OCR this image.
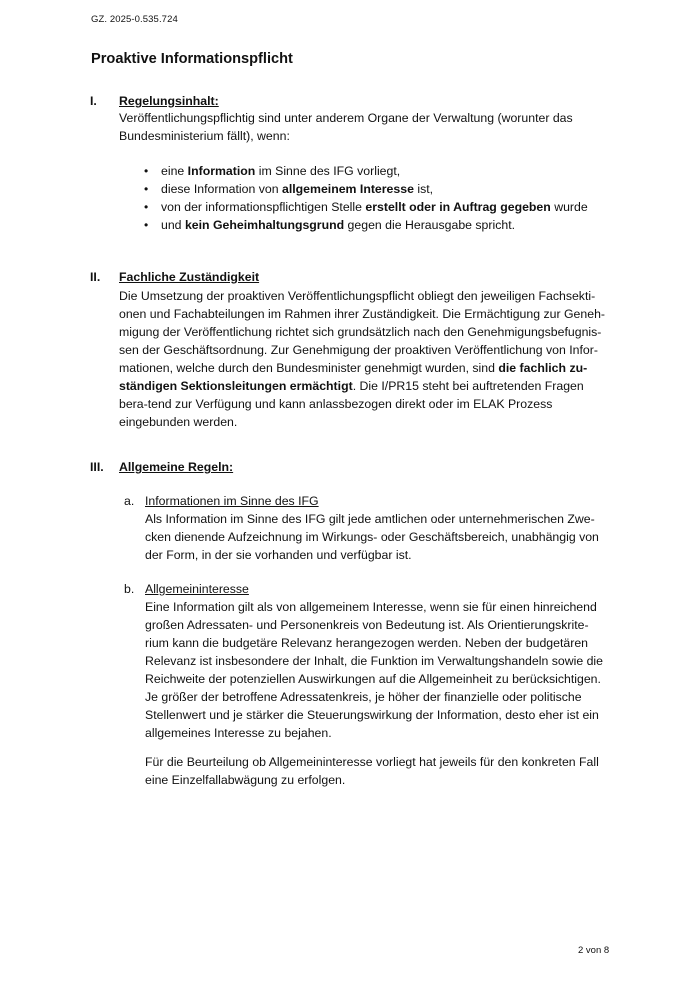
GZ. 2025-0.535.724
Proaktive Informationspflicht
I. Regelungsinhalt:

Veröffentlichungspflichtig sind unter anderem Organe der Verwaltung (worunter das Bundesministerium fällt), wenn:

• eine Information im Sinne des IFG vorliegt,
• diese Information von allgemeinem Interesse ist,
• von der informationspflichtigen Stelle erstellt oder in Auftrag gegeben wurde
• und kein Geheimhaltungsgrund gegen die Herausgabe spricht.
II. Fachliche Zuständigkeit

Die Umsetzung der proaktiven Veröffentlichungspflicht obliegt den jeweiligen Fachsekti-onen und Fachabteilungen im Rahmen ihrer Zuständigkeit. Die Ermächtigung zur Geneh-migung der Veröffentlichung richtet sich grundsätzlich nach den Genehmigungsbefugnis-sen der Geschäftsordnung. Zur Genehmigung der proaktiven Veröffentlichung von Infor-mationen, welche durch den Bundesminister genehmigt wurden, sind die fachlich zu-ständigen Sektionsleitungen ermächtigt. Die I/PR15 steht bei auftretenden Fragen bera-tend zur Verfügung und kann anlassbezogen direkt oder im ELAK Prozess eingebunden werden.

III. Allgemeine Regeln:
a. Informationen im Sinne des IFG

Als Information im Sinne des IFG gilt jede amtlichen oder unternehmerischen Zwe-cken dienende Aufzeichnung im Wirkungs- oder Geschäftsbereich, unabhängig von der Form, in der sie vorhanden und verfügbar ist.

b. Allgemeininteresse

Eine Information gilt als von allgemeinem Interesse, wenn sie für einen hinreichend großen Adressaten- und Personenkreis von Bedeutung ist. Als Orientierungskrite-rium kann die budgetäre Relevanz herangezogen werden. Neben der budgetären Relevanz ist insbesondere der Inhalt, die Funktion im Verwaltungshandeln sowie die Reichweite der potenziellen Auswirkungen auf die Allgemeinheit zu berücksichtigen. Je größer der betroffene Adressatenkreis, je höher der finanzielle oder politische Stellenwert und je stärker die Steuerungswirkung der Information, desto eher ist ein allgemeines Interesse zu bejahen.

Für die Beurteilung ob Allgemeininteresse vorliegt hat jeweils für den konkreten Fall eine Einzelfallabwägung zu erfolgen.

2 von 8
